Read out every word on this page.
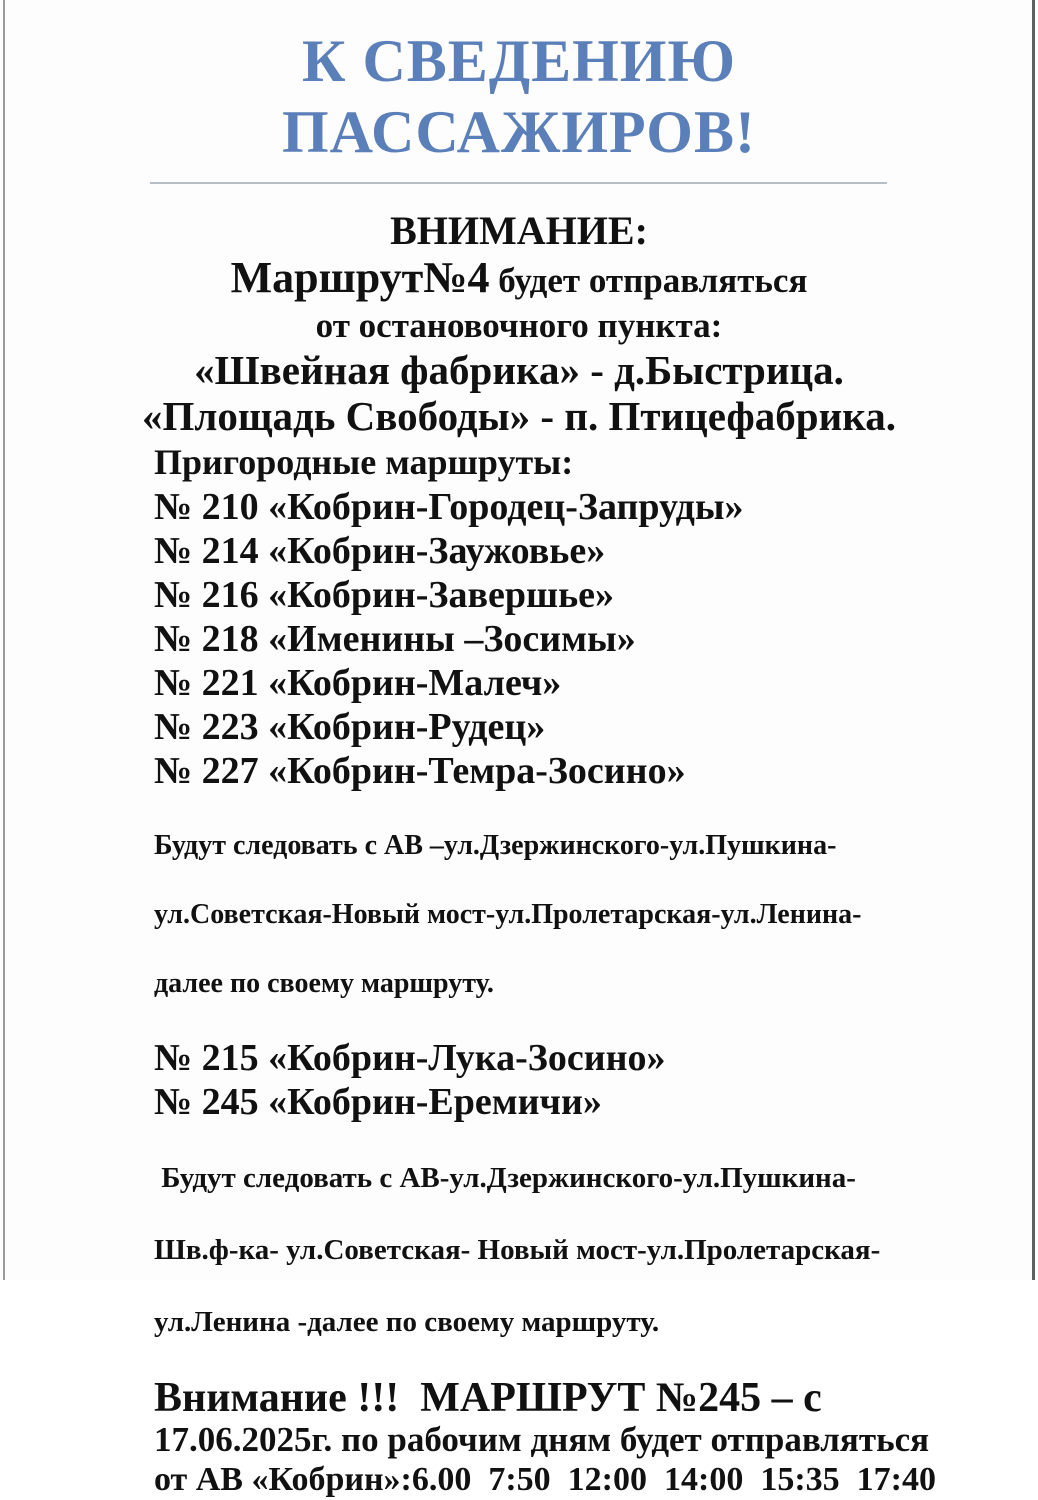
К СВЕДЕНИЮ
ПАССАЖИРОВ!
ВНИМАНИЕ:
Маршрут№4 будет отправляться
от остановочного пункта:
«Швейная фабрика» - д.Быстрица.
«Площадь Свободы» - п. Птицефабрика.
Пригородные маршруты:
№ 210 «Кобрин-Городец-Запруды»
№ 214 «Кобрин-Заужовье»
№ 216 «Кобрин-Завершье»
№ 218 «Именины –Зосимы»
№ 221 «Кобрин-Малеч»
№ 223 «Кобрин-Рудец»
№ 227 «Кобрин-Темра-Зосино»

Будут следовать с АВ –ул.Дзержинского-ул.Пушкина-

ул.Советская-Новый мост-ул.Пролетарская-ул.Ленина-

далее по своему маршруту.

№ 215 «Кобрин-Лука-Зосино»
№ 245 «Кобрин-Еремичи»

Будут следовать с АВ-ул.Дзержинского-ул.Пушкина-

Шв.ф-ка- ул.Советская- Новый мост-ул.Пролетарская-

ул.Ленина -далее по своему маршруту.

Внимание !!!  МАРШРУТ №245 – с
17.06.2025г. по рабочим дням будет отправляться
от АВ «Кобрин»:6.00  7:50  12:00  14:00  15:35  17:40
